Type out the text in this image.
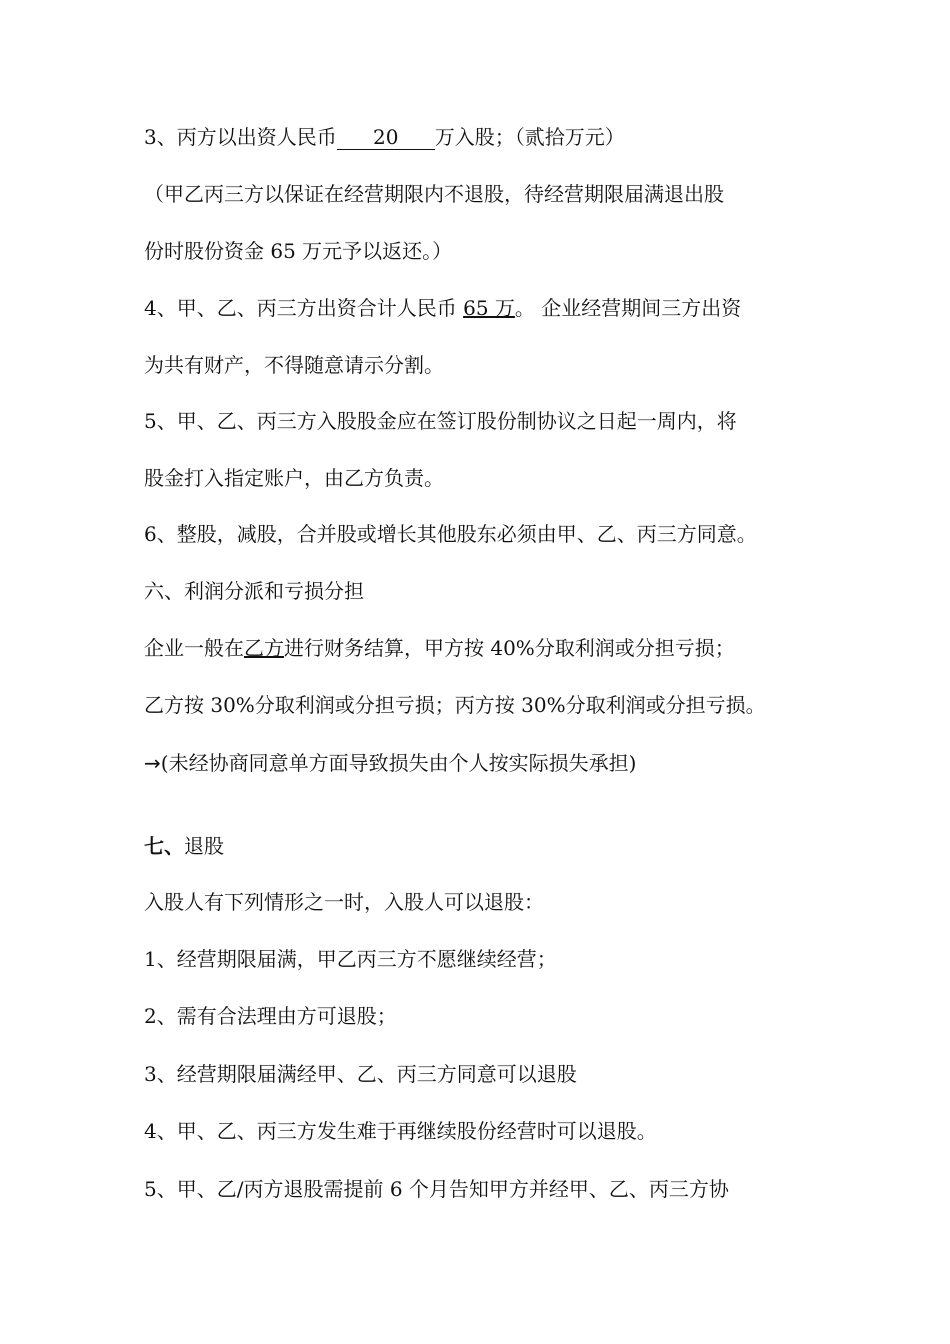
3、丙方以出资人民币 20 万入股；（贰拾万元）
（甲乙丙三方以保证在经营期限内不退股，待经营期限届满退出股
份时股份资金 65 万元予以返还。）
4、甲、乙、丙三方出资合计人民币 65 万。 企业经营期间三方出资
为共有财产，不得随意请示分割。
5、甲、乙、丙三方入股股金应在签订股份制协议之日起一周内，将
股金打入指定账户，由乙方负责。
6、整股，减股，合并股或增长其他股东必须由甲、乙、丙三方同意。
六、利润分派和亏损分担
企业一般在乙方进行财务结算，甲方按 40%分取利润或分担亏损；
乙方按 30%分取利润或分担亏损；丙方按 30%分取利润或分担亏损。
→(未经协商同意单方面导致损失由个人按实际损失承担)
七、退股
入股人有下列情形之一时，入股人可以退股：
1、经营期限届满，甲乙丙三方不愿继续经营；
2、需有合法理由方可退股；
3、经营期限届满经甲、乙、丙三方同意可以退股
4、甲、乙、丙三方发生难于再继续股份经营时可以退股。
5、甲、乙/丙方退股需提前 6 个月告知甲方并经甲、乙、丙三方协
